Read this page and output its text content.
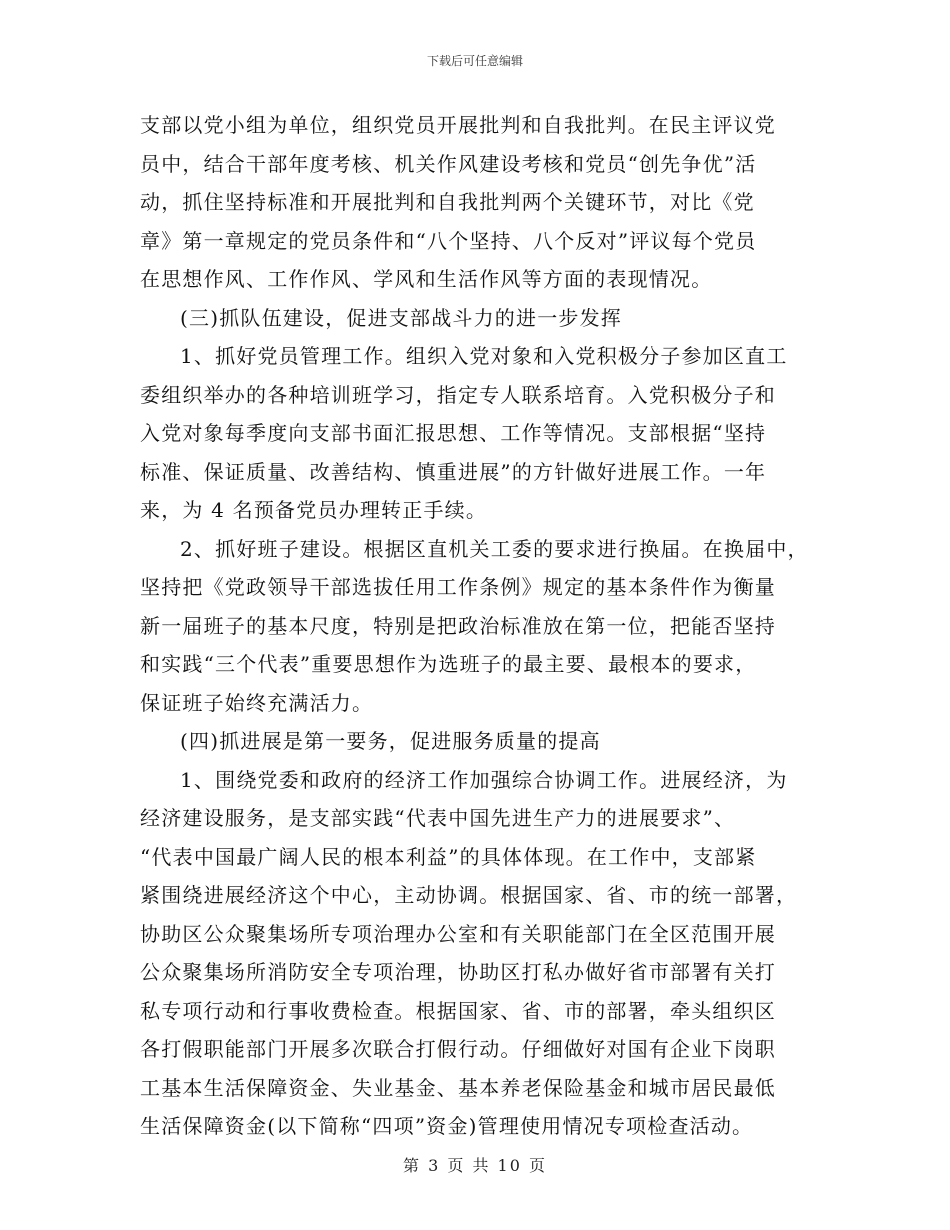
下载后可任意编辑
支部以党小组为单位，组织党员开展批判和自我批判。在民主评议党
员中，结合干部年度考核、机关作风建设考核和党员“创先争优”活
动，抓住坚持标准和开展批判和自我批判两个关键环节，对比《党
章》第一章规定的党员条件和“八个坚持、八个反对”评议每个党员
在思想作风、工作作风、学风和生活作风等方面的表现情况。
(三)抓队伍建设，促进支部战斗力的进一步发挥
1、抓好党员管理工作。组织入党对象和入党积极分子参加区直工
委组织举办的各种培训班学习，指定专人联系培育。入党积极分子和
入党对象每季度向支部书面汇报思想、工作等情况。支部根据“坚持
标准、保证质量、改善结构、慎重进展”的方针做好进展工作。一年
来，为 4 名预备党员办理转正手续。
2、抓好班子建设。根据区直机关工委的要求进行换届。在换届中，
坚持把《党政领导干部选拔任用工作条例》规定的基本条件作为衡量
新一届班子的基本尺度，特别是把政治标准放在第一位，把能否坚持
和实践“三个代表”重要思想作为选班子的最主要、最根本的要求，
保证班子始终充满活力。
(四)抓进展是第一要务，促进服务质量的提高
1、围绕党委和政府的经济工作加强综合协调工作。进展经济，为
经济建设服务，是支部实践“代表中国先进生产力的进展要求”、
“代表中国最广阔人民的根本利益”的具体体现。在工作中，支部紧
紧围绕进展经济这个中心，主动协调。根据国家、省、市的统一部署，
协助区公众聚集场所专项治理办公室和有关职能部门在全区范围开展
公众聚集场所消防安全专项治理，协助区打私办做好省市部署有关打
私专项行动和行事收费检查。根据国家、省、市的部署，牵头组织区
各打假职能部门开展多次联合打假行动。仔细做好对国有企业下岗职
工基本生活保障资金、失业基金、基本养老保险基金和城市居民最低
生活保障资金(以下简称“四项”资金)管理使用情况专项检查活动。
第 3 页 共 10 页
